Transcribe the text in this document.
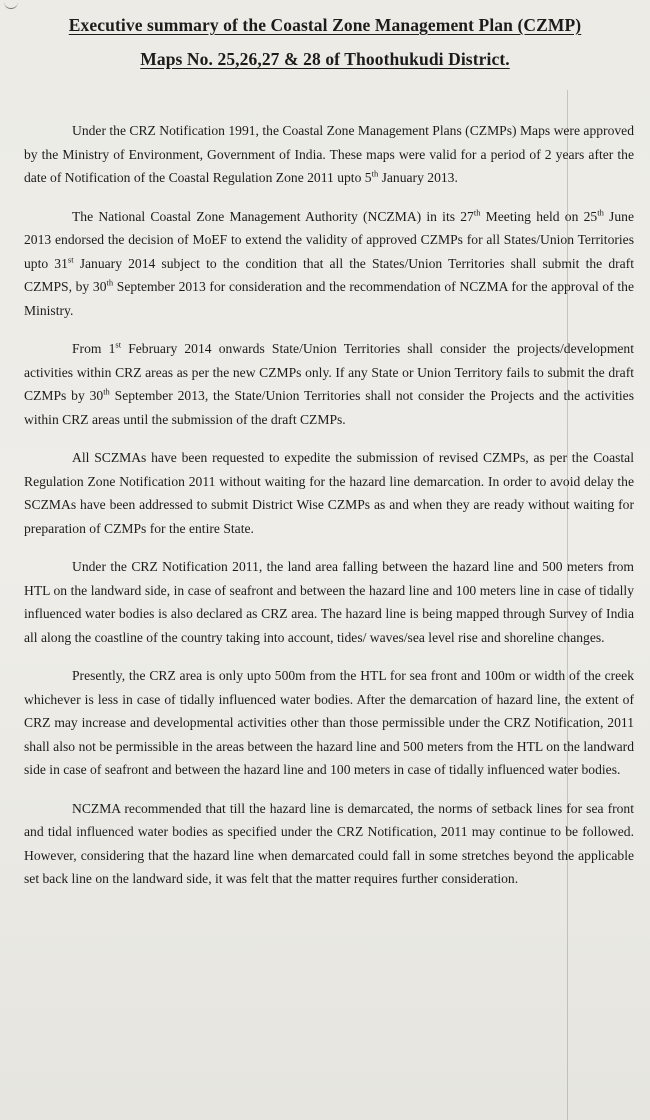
Executive summary of the Coastal Zone Management Plan (CZMP)
Maps No. 25,26,27 & 28 of Thoothukudi District.

Under the CRZ Notification 1991, the Coastal Zone Management Plans (CZMPs) Maps were approved by the Ministry of Environment, Government of India. These maps were valid for a period of 2 years after the date of Notification of the Coastal Regulation Zone 2011 upto 5th January 2013.

The National Coastal Zone Management Authority (NCZMA) in its 27th Meeting held on 25th June 2013 endorsed the decision of MoEF to extend the validity of approved CZMPs for all States/Union Territories upto 31st January 2014 subject to the condition that all the States/Union Territories shall submit the draft CZMPS, by 30th September 2013 for consideration and the recommendation of NCZMA for the approval of the Ministry.

From 1st February 2014 onwards State/Union Territories shall consider the projects/development activities within CRZ areas as per the new CZMPs only. If any State or Union Territory fails to submit the draft CZMPs by 30th September 2013, the State/Union Territories shall not consider the Projects and the activities within CRZ areas until the submission of the draft CZMPs.

All SCZMAs have been requested to expedite the submission of revised CZMPs, as per the Coastal Regulation Zone Notification 2011 without waiting for the hazard line demarcation. In order to avoid delay the SCZMAs have been addressed to submit District Wise CZMPs as and when they are ready without waiting for preparation of CZMPs for the entire State.

Under the CRZ Notification 2011, the land area falling between the hazard line and 500 meters from HTL on the landward side, in case of seafront and between the hazard line and 100 meters line in case of tidally influenced water bodies is also declared as CRZ area. The hazard line is being mapped through Survey of India all along the coastline of the country taking into account, tides/ waves/sea level rise and shoreline changes.

Presently, the CRZ area is only upto 500m from the HTL for sea front and 100m or width of the creek whichever is less in case of tidally influenced water bodies. After the demarcation of hazard line, the extent of CRZ may increase and developmental activities other than those permissible under the CRZ Notification, 2011 shall also not be permissible in the areas between the hazard line and 500 meters from the HTL on the landward side in case of seafront and between the hazard line and 100 meters in case of tidally influenced water bodies.

NCZMA recommended that till the hazard line is demarcated, the norms of setback lines for sea front and tidal influenced water bodies as specified under the CRZ Notification, 2011 may continue to be followed. However, considering that the hazard line when demarcated could fall in some stretches beyond the applicable set back line on the landward side, it was felt that the matter requires further consideration.
